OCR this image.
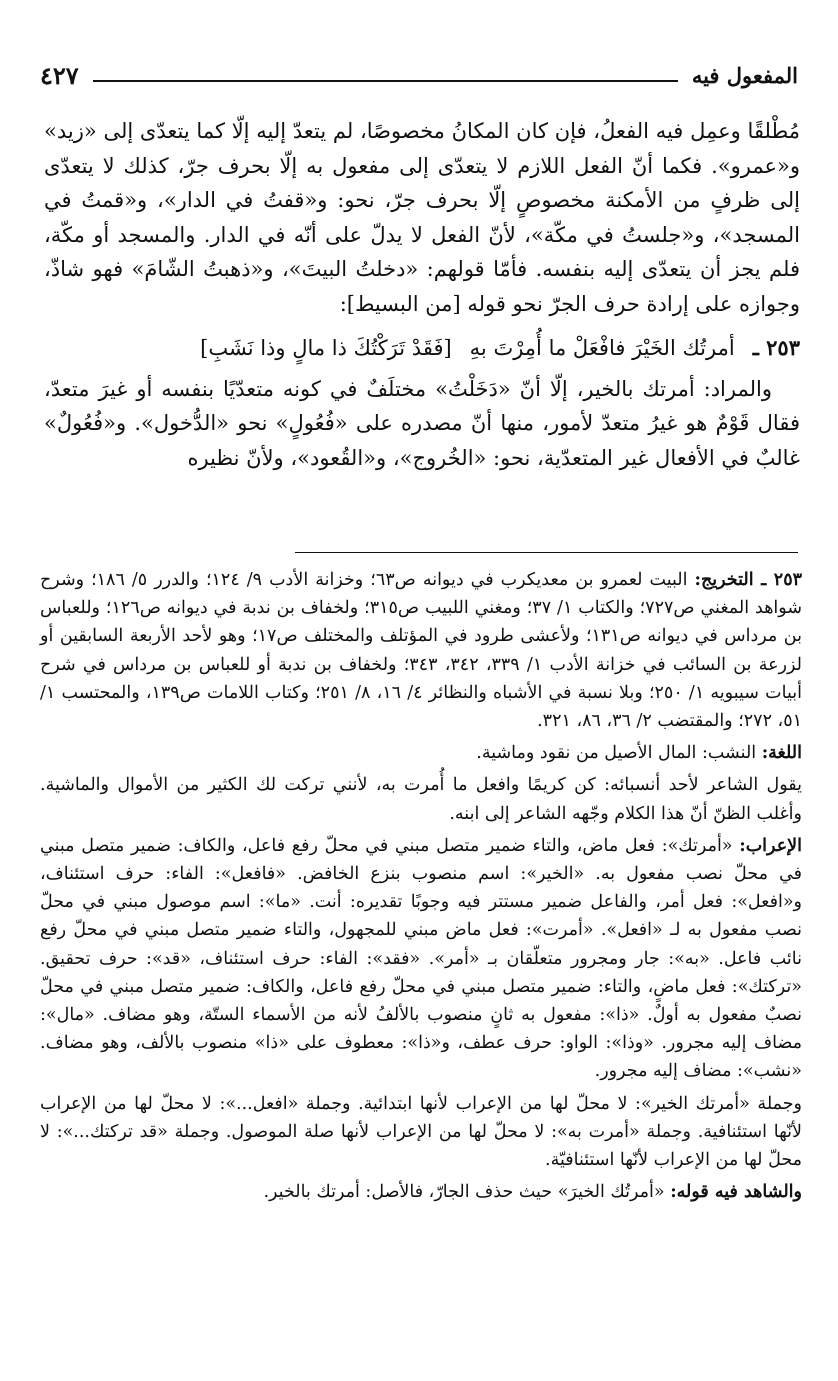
المفعول فيه
٤٢٧

مُطْلقًا وعمِل فيه الفعلُ، فإن كان المكانُ مخصوصًا، لم يتعدّ إليه إلّا كما يتعدّى إلى «زيد» و«عمرو». فكما أنّ الفعل اللازم لا يتعدّى إلى مفعول به إلّا بحرف جرّ، كذلك لا يتعدّى إلى ظرفٍ من الأمكنة مخصوصٍ إلّا بحرف جرّ، نحو: و«قفتُ في الدار»، و«قمتُ في المسجد»، و«جلستُ في مكّة»، لأنّ الفعل لا يدلّ على أنّه في الدار. والمسجد أو مكّة، فلم يجز أن يتعدّى إليه بنفسه. فأمّا قولهم: «دخلتُ البيتَ»، و«ذهبتُ الشّامَ» فهو شاذّ، وجوازه على إرادة حرف الجرّ نحو قوله [من البسيط]:

٢٥٣ ـ
أمرتُك الخَيْرَ فافْعَلْ ما أُمِرْتَ بهِ
[فَقَدْ تَرَكْتُكَ ذا مالٍ وذا نَشَبِ]

والمراد: أمرتك بالخير، إلّا أنّ «دَخَلْتُ» مختلَفٌ في كونه متعدّيًا بنفسه أو غيرَ متعدّ، فقال قَوْمٌ هو غيرُ متعدّ لأمور، منها أنّ مصدره على «فُعُولٍ» نحو «الدُّخول». و«فُعُولٌ» غالبٌ في الأفعال غير المتعدّية، نحو: «الخُروج»، و«القُعود»، ولأنّ نظيره

٢٥٣ ـ التخريج: البيت لعمرو بن معديكرب في ديوانه ص٦٣؛ وخزانة الأدب ٩/ ١٢٤؛ والدرر ٥/ ١٨٦؛ وشرح شواهد المغني ص٧٢٧؛ والكتاب ١/ ٣٧؛ ومغني اللبيب ص٣١٥؛ ولخفاف بن ندبة في ديوانه ص١٢٦؛ وللعباس بن مرداس في ديوانه ص١٣١؛ ولأعشى طرود في المؤتلف والمختلف ص١٧؛ وهو لأحد الأربعة السابقين أو لزرعة بن السائب في خزانة الأدب ١/ ٣٣٩، ٣٤٢، ٣٤٣؛ ولخفاف بن ندبة أو للعباس بن مرداس في شرح أبيات سيبويه ١/ ٢٥٠؛ وبلا نسبة في الأشباه والنظائر ٤/ ١٦، ٨/ ٢٥١؛ وكتاب اللامات ص١٣٩، والمحتسب ١/ ٥١، ٢٧٢؛ والمقتضب ٢/ ٣٦، ٨٦، ٣٢١.

اللغة: النشب: المال الأصيل من نقود وماشية.

يقول الشاعر لأحد أنسبائه: كن كريمًا وافعل ما أُمرت به، لأنني تركت لك الكثير من الأموال والماشية. وأغلب الظنّ أنّ هذا الكلام وجّهه الشاعر إلى ابنه.

الإعراب: «أمرتك»: فعل ماض، والتاء ضمير متصل مبني في محلّ رفع فاعل، والكاف: ضمير متصل مبني في محلّ نصب مفعول به. «الخير»: اسم منصوب بنزع الخافض. «فافعل»: الفاء: حرف استئناف، و«افعل»: فعل أمر، والفاعل ضمير مستتر فيه وجوبًا تقديره: أنت. «ما»: اسم موصول مبني في محلّ نصب مفعول به لـ «افعل». «أمرت»: فعل ماض مبني للمجهول، والتاء ضمير متصل مبني في محلّ رفع نائب فاعل. «به»: جار ومجرور متعلّقان بـ «أمر». «فقد»: الفاء: حرف استئناف، «قد»: حرف تحقيق. «تركتك»: فعل ماضٍ، والتاء: ضمير متصل مبني في محلّ رفع فاعل، والكاف: ضمير متصل مبني في محلّ نصبٌ مفعول به أولٌ. «ذا»: مفعول به ثانٍ منصوب بالألفُ لأنه من الأسماء الستّة، وهو مضاف. «مال»: مضاف إليه مجرور. «وذا»: الواو: حرف عطف، و«ذا»: معطوف على «ذا» منصوب بالألف، وهو مضاف. «نشب»: مضاف إليه مجرور.

وجملة «أمرتك الخير»: لا محلّ لها من الإعراب لأنها ابتدائية. وجملة «افعل...»: لا محلّ لها من الإعراب لأنّها استئنافية. وجملة «أمرت به»: لا محلّ لها من الإعراب لأنها صلة الموصول. وجملة «قد تركتك...»: لا محلّ لها من الإعراب لأنّها استئنافيّة.

والشاهد فيه قوله: «أمرتُك الخيرَ» حيث حذف الجارّ، فالأصل: أمرتك بالخير.
